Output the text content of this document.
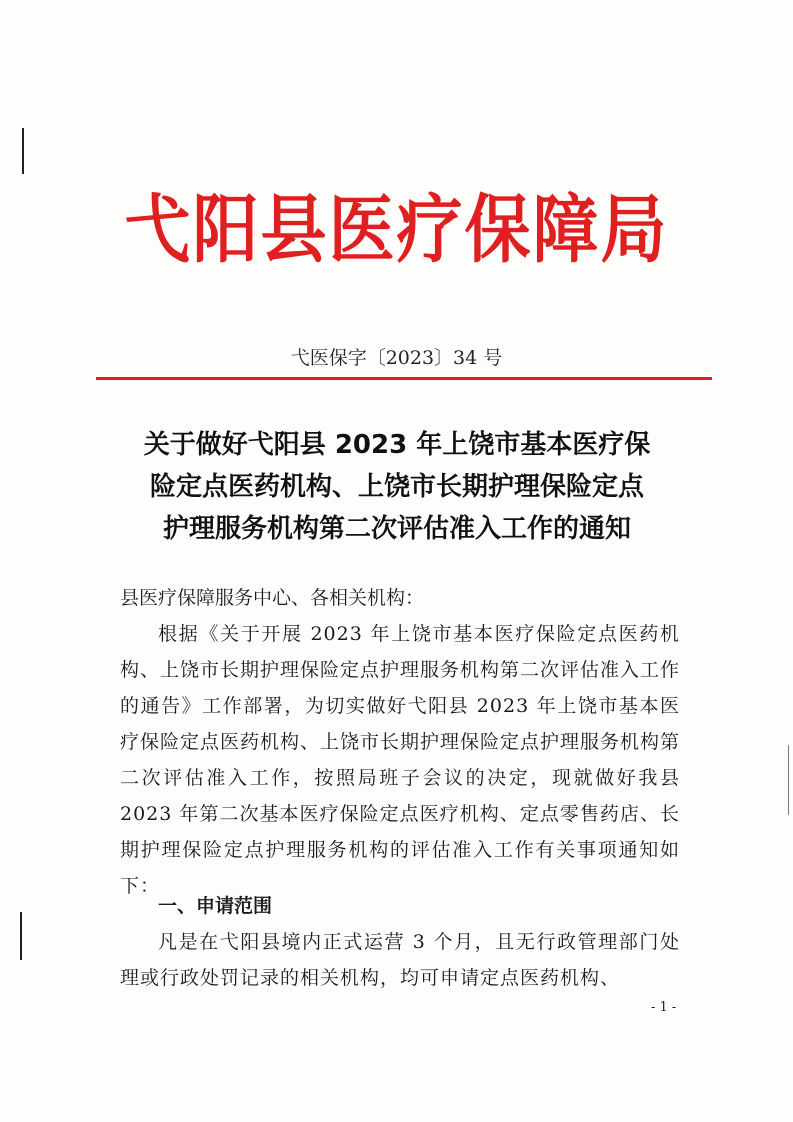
弋阳县医疗保障局
弋医保字〔2023〕34 号
关于做好弋阳县 2023 年上饶市基本医疗保
险定点医药机构、上饶市长期护理保险定点
护理服务机构第二次评估准入工作的通知
县医疗保障服务中心、各相关机构：
根据《关于开展 2023 年上饶市基本医疗保险定点医药机构、上饶市长期护理保险定点护理服务机构第二次评估准入工作的通告》工作部署，为切实做好弋阳县 2023 年上饶市基本医疗保险定点医药机构、上饶市长期护理保险定点护理服务机构第二次评估准入工作，按照局班子会议的决定，现就做好我县 2023 年第二次基本医疗保险定点医疗机构、定点零售药店、长期护理保险定点护理服务机构的评估准入工作有关事项通知如下：
一、申请范围
凡是在弋阳县境内正式运营 3 个月，且无行政管理部门处理或行政处罚记录的相关机构，均可申请定点医药机构、
- 1 -
